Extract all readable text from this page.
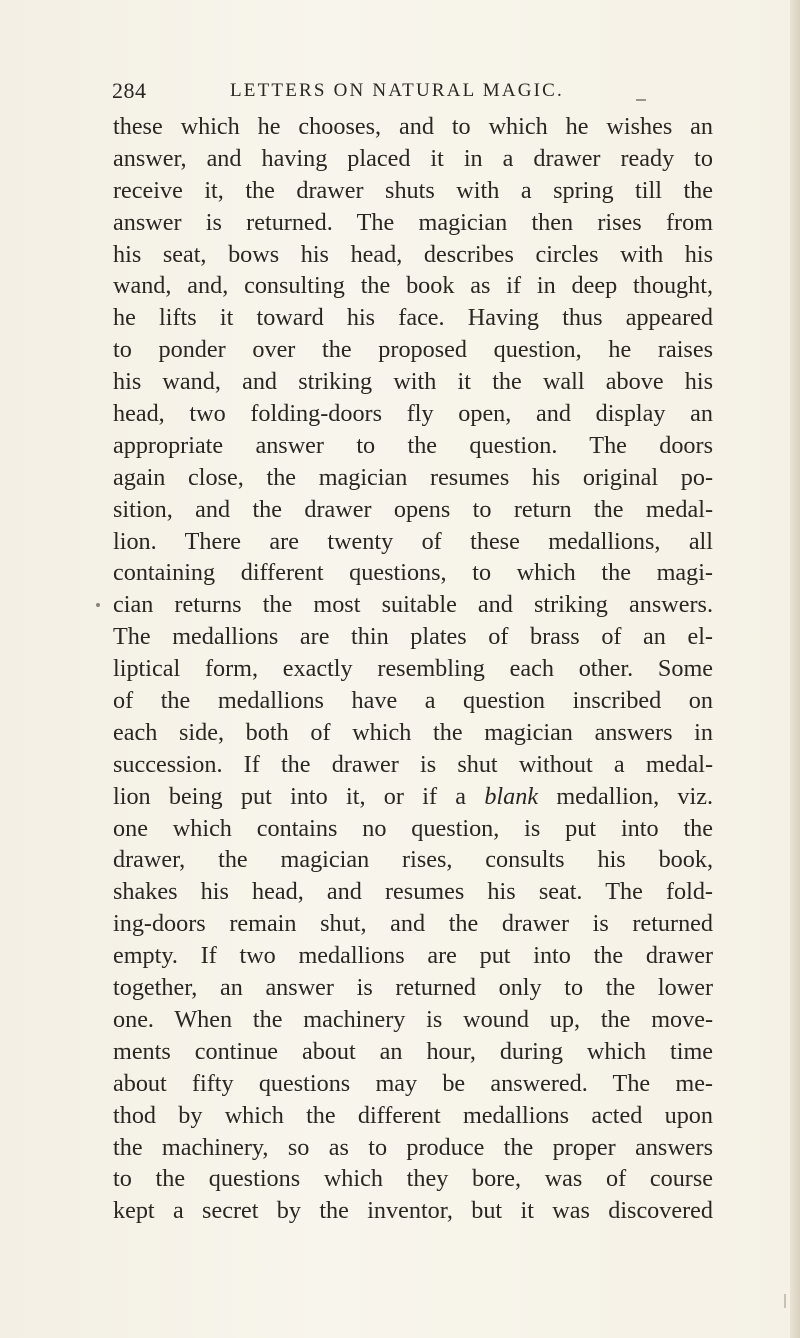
284	LETTERS ON NATURAL MAGIC.
these which he chooses, and to which he wishes an
answer, and having placed it in a drawer ready to
receive it, the drawer shuts with a spring till the
answer is returned. The magician then rises from
his seat, bows his head, describes circles with his
wand, and, consulting the book as if in deep thought,
he lifts it toward his face. Having thus appeared
to ponder over the proposed question, he raises
his wand, and striking with it the wall above his
head, two folding-doors fly open, and display an
appropriate answer to the question. The doors
again close, the magician resumes his original po-
sition, and the drawer opens to return the medal-
lion. There are twenty of these medallions, all
containing different questions, to which the magi-
cian returns the most suitable and striking answers.
The medallions are thin plates of brass of an el-
liptical form, exactly resembling each other. Some
of the medallions have a question inscribed on
each side, both of which the magician answers in
succession. If the drawer is shut without a medal-
lion being put into it, or if a blank medallion, viz.
one which contains no question, is put into the
drawer, the magician rises, consults his book,
shakes his head, and resumes his seat. The fold-
ing-doors remain shut, and the drawer is returned
empty. If two medallions are put into the drawer
together, an answer is returned only to the lower
one. When the machinery is wound up, the move-
ments continue about an hour, during which time
about fifty questions may be answered. The me-
thod by which the different medallions acted upon
the machinery, so as to produce the proper answers
to the questions which they bore, was of course
kept a secret by the inventor, but it was discovered
